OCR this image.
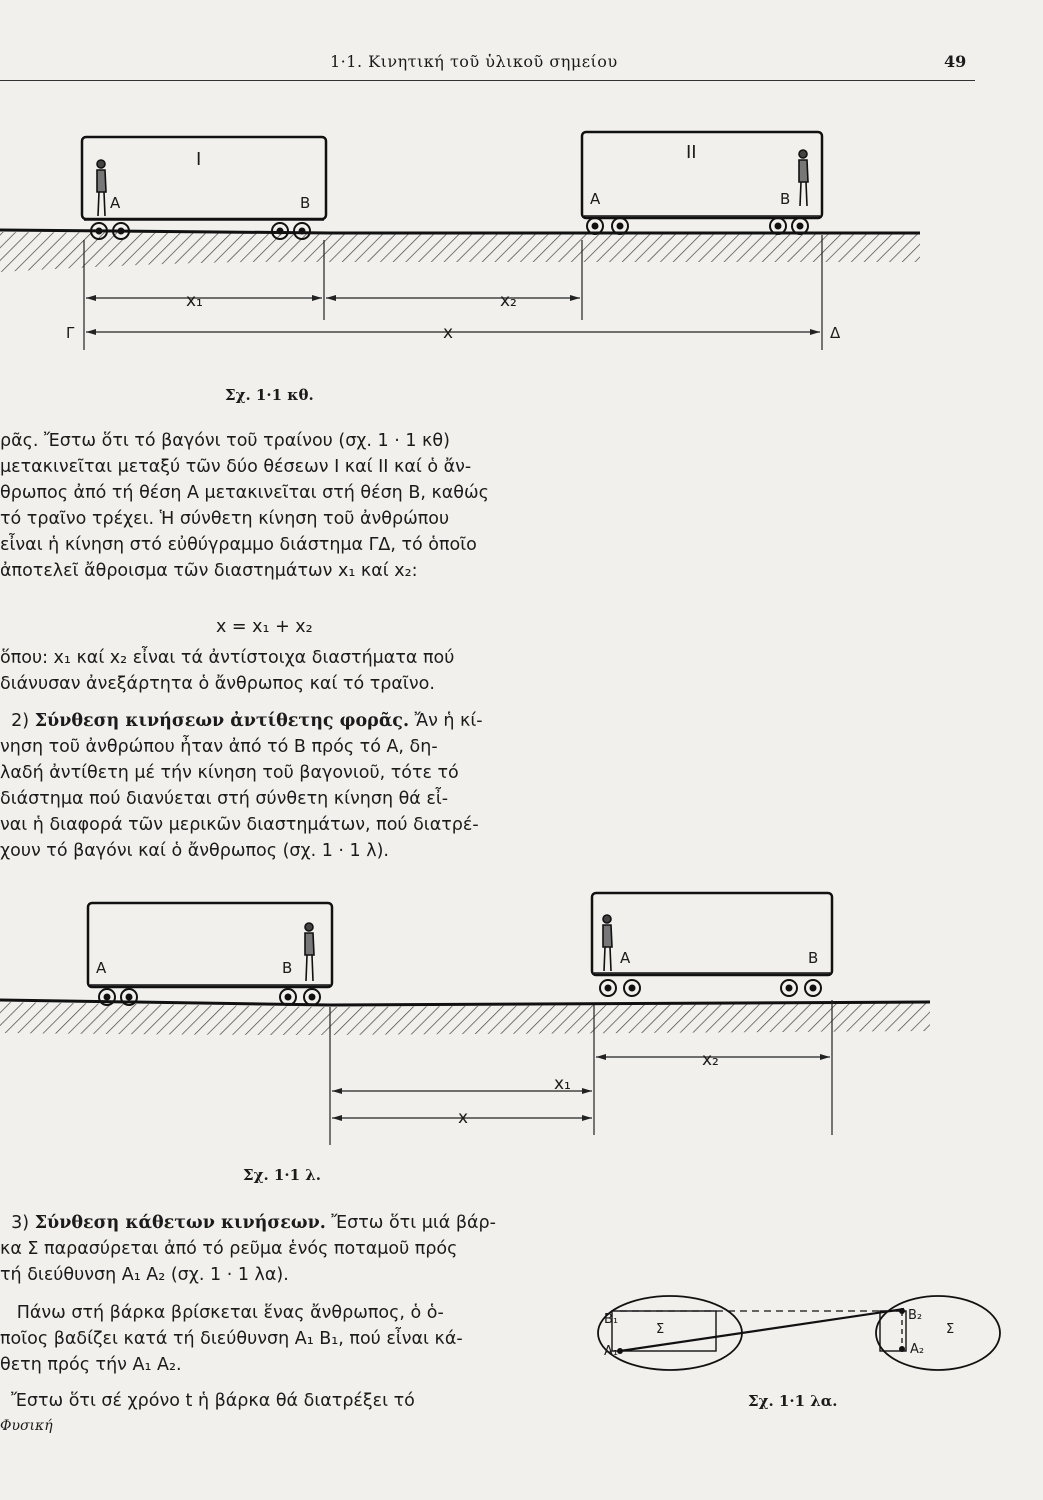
1·1. Κινητική τοῦ ὑλικοῦ σημείου	49
I
A	B
II
A	B
x₁	x₂
x
Γ	Δ
Σχ. 1·1 κθ.
ρᾶς. Ἔστω ὅτι τό βαγόνι τοῦ τραίνου (σχ. 1 · 1 κθ)
μετακινεῖται μεταξύ τῶν δύο θέσεων I καί II καί ὁ ἄν-
θρωπος ἀπό τή θέση A μετακινεῖται στή θέση B, καθώς
τό τραῖνο τρέχει. Ἡ σύνθετη κίνηση τοῦ ἀνθρώπου
εἶναι ἡ κίνηση στό εὐθύγραμμο διάστημα ΓΔ, τό ὁποῖο
ἀποτελεῖ ἄθροισμα τῶν διαστημάτων x₁ καί x₂:
x = x₁ + x₂
ὅπου: x₁ καί x₂ εἶναι τά ἀντίστοιχα διαστήματα πού
διάνυσαν ἀνεξάρτητα ὁ ἄνθρωπος καί τό τραῖνο.
2) Σύνθεση κινήσεων ἀντίθετης φορᾶς. Ἄν ἡ κί-
νηση τοῦ ἀνθρώπου ἦταν ἀπό τό B πρός τό A, δη-
λαδή ἀντίθετη μέ τήν κίνηση τοῦ βαγονιοῦ, τότε τό
διάστημα πού διανύεται στή σύνθετη κίνηση θά εἶ-
ναι ἡ διαφορά τῶν μερικῶν διαστημάτων, πού διατρέ-
χουν τό βαγόνι καί ὁ ἄνθρωπος (σχ. 1 · 1 λ).
A	B
A	B
x₂
x₁
x
Σχ. 1·1 λ.
3) Σύνθεση κάθετων κινήσεων. Ἔστω ὅτι μιά βάρ-
κα Σ παρασύρεται ἀπό τό ρεῦμα ἑνός ποταμοῦ πρός
τή διεύθυνση A₁ A₂ (σχ. 1 · 1 λα).
Πάνω στή βάρκα βρίσκεται ἕνας ἄνθρωπος, ὁ ὁ-
ποῖος βαδίζει κατά τή διεύθυνση A₁ B₁, πού εἶναι κά-
θετη πρός τήν A₁ A₂.
Ἔστω ὅτι σέ χρόνο t ἡ βάρκα θά διατρέξει τό
B₁
A₁
Σ
B₂
A₂
Σ
Σχ. 1·1 λα.
Φυσική
